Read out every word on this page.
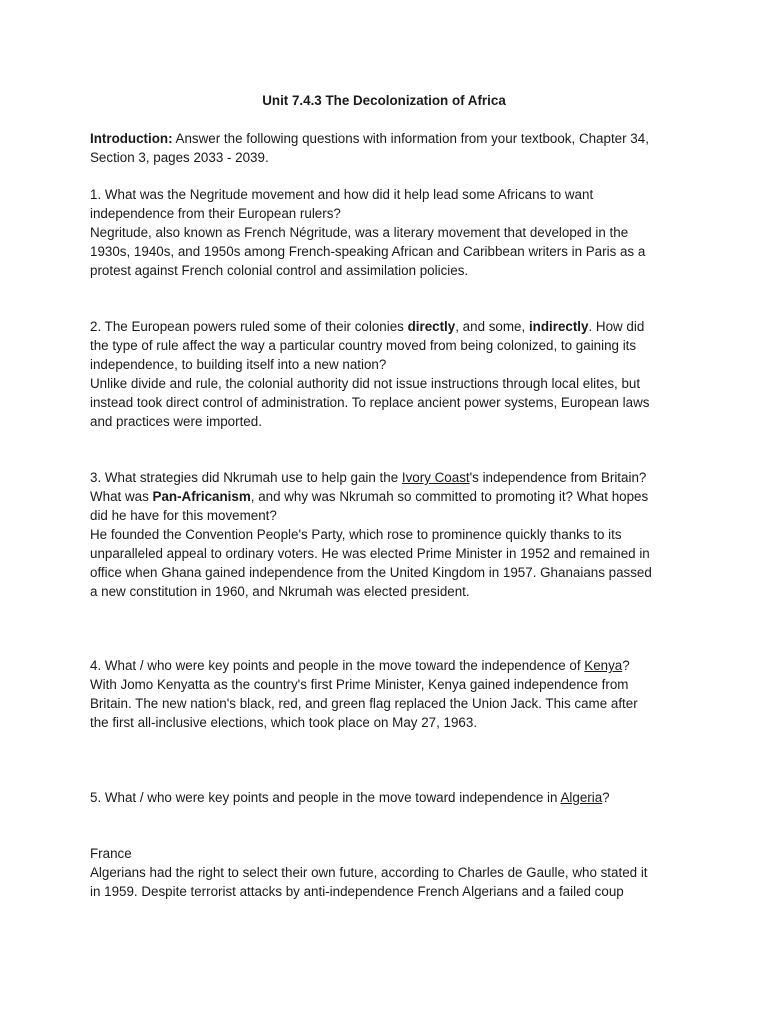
Unit 7.4.3 The Decolonization of Africa
Introduction: Answer the following questions with information from your textbook, Chapter 34,
Section 3, pages 2033 - 2039.
1. What was the Negritude movement and how did it help lead some Africans to want
independence from their European rulers?
Negritude, also known as French Négritude, was a literary movement that developed in the
1930s, 1940s, and 1950s among French-speaking African and Caribbean writers in Paris as a
protest against French colonial control and assimilation policies.
2. The European powers ruled some of their colonies directly, and some, indirectly. How did
the type of rule affect the way a particular country moved from being colonized, to gaining its
independence, to building itself into a new nation?
Unlike divide and rule, the colonial authority did not issue instructions through local elites, but
instead took direct control of administration. To replace ancient power systems, European laws
and practices were imported.
3. What strategies did Nkrumah use to help gain the Ivory Coast's independence from Britain?
What was Pan-Africanism, and why was Nkrumah so committed to promoting it? What hopes
did he have for this movement?
He founded the Convention People's Party, which rose to prominence quickly thanks to its
unparalleled appeal to ordinary voters. He was elected Prime Minister in 1952 and remained in
office when Ghana gained independence from the United Kingdom in 1957. Ghanaians passed
a new constitution in 1960, and Nkrumah was elected president.
4. What / who were key points and people in the move toward the independence of Kenya?
With Jomo Kenyatta as the country's first Prime Minister, Kenya gained independence from
Britain. The new nation's black, red, and green flag replaced the Union Jack. This came after
the first all-inclusive elections, which took place on May 27, 1963.
5. What / who were key points and people in the move toward independence in Algeria?
France
Algerians had the right to select their own future, according to Charles de Gaulle, who stated it
in 1959. Despite terrorist attacks by anti-independence French Algerians and a failed coup
